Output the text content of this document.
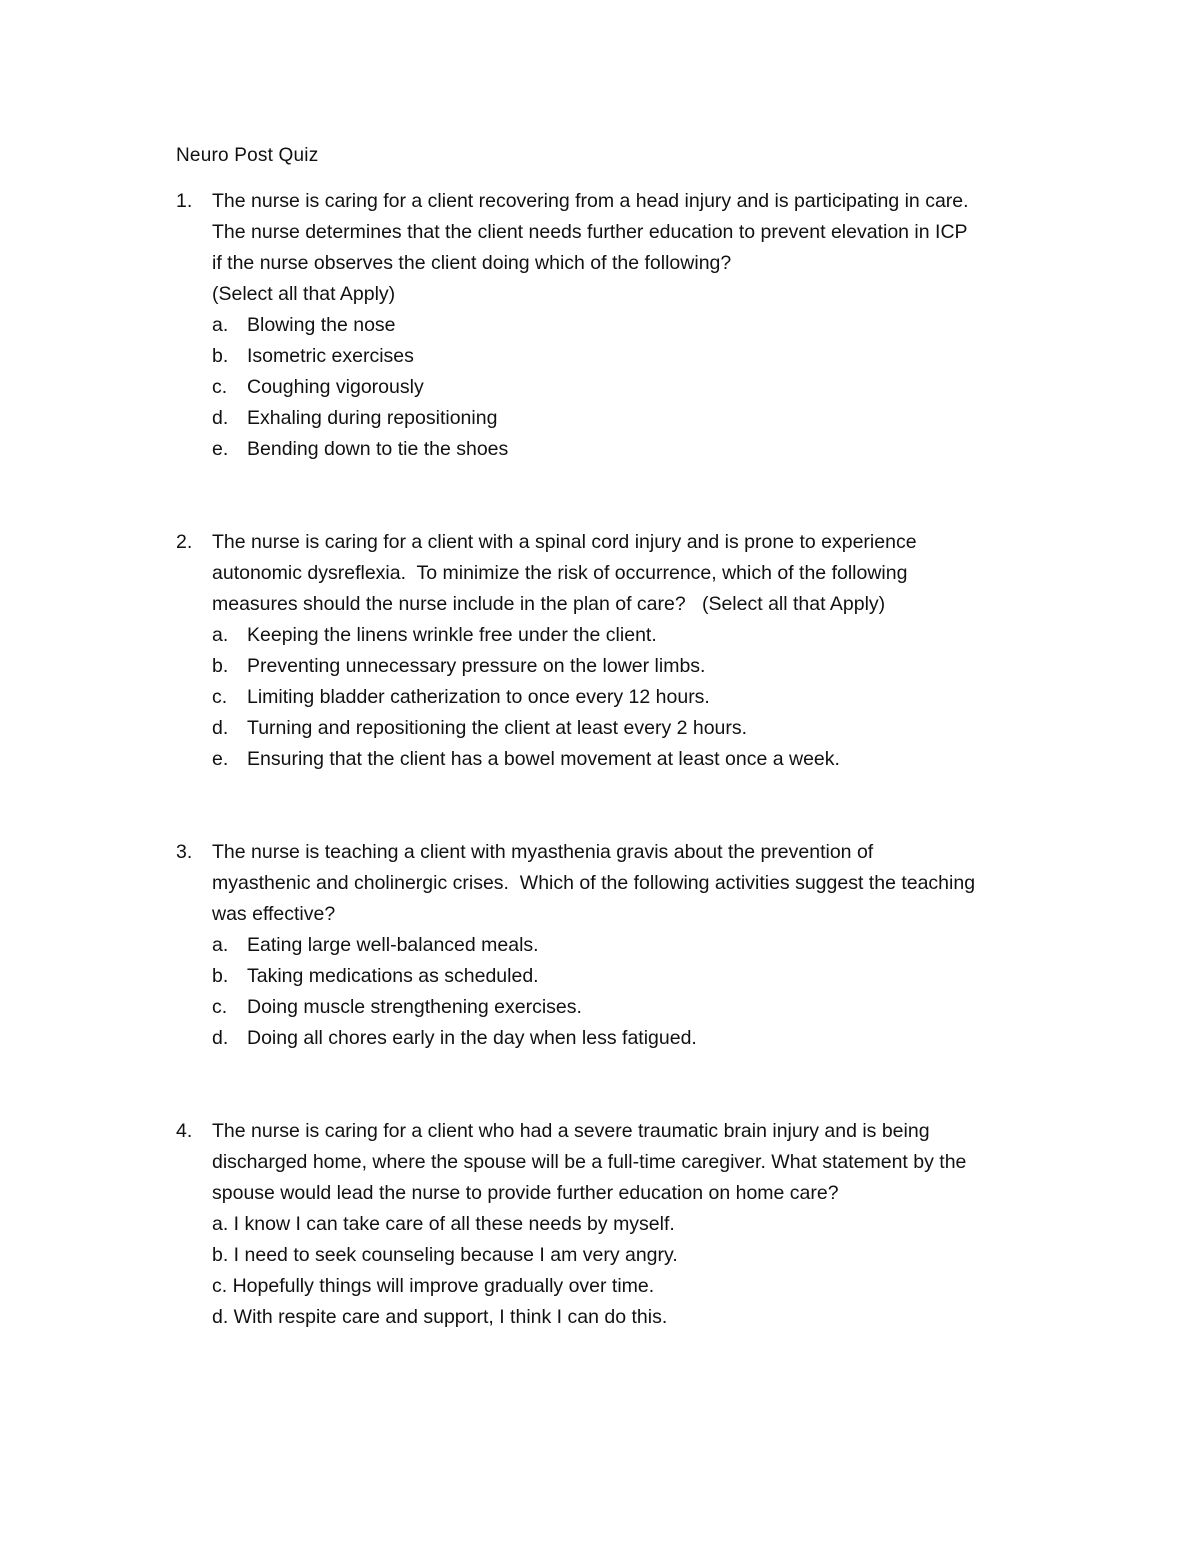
Neuro Post Quiz
1. The nurse is caring for a client recovering from a head injury and is participating in care.
The nurse determines that the client needs further education to prevent elevation in ICP
if the nurse observes the client doing which of the following?
(Select all that Apply)
a. Blowing the nose
b. Isometric exercises
c. Coughing vigorously
d. Exhaling during repositioning
e. Bending down to tie the shoes
2. The nurse is caring for a client with a spinal cord injury and is prone to experience
autonomic dysreflexia.  To minimize the risk of occurrence, which of the following
measures should the nurse include in the plan of care?   (Select all that Apply)
a. Keeping the linens wrinkle free under the client.
b. Preventing unnecessary pressure on the lower limbs.
c. Limiting bladder catherization to once every 12 hours.
d. Turning and repositioning the client at least every 2 hours.
e. Ensuring that the client has a bowel movement at least once a week.
3. The nurse is teaching a client with myasthenia gravis about the prevention of
myasthenic and cholinergic crises.  Which of the following activities suggest the teaching
was effective?
a. Eating large well-balanced meals.
b. Taking medications as scheduled.
c. Doing muscle strengthening exercises.
d. Doing all chores early in the day when less fatigued.
4. The nurse is caring for a client who had a severe traumatic brain injury and is being
discharged home, where the spouse will be a full-time caregiver. What statement by the
spouse would lead the nurse to provide further education on home care?
a. I know I can take care of all these needs by myself.
b. I need to seek counseling because I am very angry.
c. Hopefully things will improve gradually over time.
d. With respite care and support, I think I can do this.
